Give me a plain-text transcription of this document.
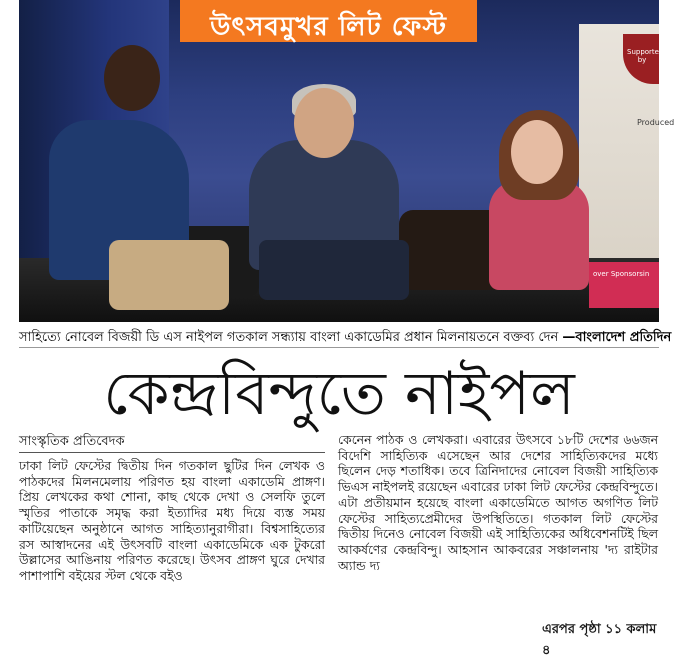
Supported by
Produced
over Sponsorsin
উৎসবমুখর লিট ফেস্ট
সাহিত্যে নোবেল বিজয়ী ডি এস নাইপল গতকাল সন্ধ্যায় বাংলা একাডেমির প্রধান মিলনায়তনে বক্তব্য দেন —বাংলাদেশ প্রতিদিন
কেন্দ্রবিন্দুতে নাইপল
সাংস্কৃতিক প্রতিবেদক

ঢাকা লিট ফেস্টের দ্বিতীয় দিন গতকাল ছুটির দিন লেখক ও পাঠকদের মিলনমেলায় পরিণত হয় বাংলা একাডেমি প্রাঙ্গণ। প্রিয় লেখকের কথা শোনা, কাছ থেকে দেখা ও সেলফি তুলে স্মৃতির পাতাকে সমৃদ্ধ করা ইত্যাদির মধ্য দিয়ে ব্যস্ত সময় কাটিয়েছেন অনুষ্ঠানে আগত সাহিত্যানুরাগীরা। বিশ্বসাহিত্যের রস আস্বাদনের এই উৎসবটি বাংলা একাডেমিকে এক টুকরো উল্লাসের আঙিনায় পরিণত করেছে। উৎসব প্রাঙ্গণ ঘুরে দেখার পাশাপাশি বইয়ের স্টল থেকে বইও

কেনেন পাঠক ও লেখকরা। এবারের উৎসবে ১৮টি দেশের ৬৬জন বিদেশি সাহিত্যিক এসেছেন আর দেশের সাহিত্যিকদের মধ্যে ছিলেন দেড় শতাধিক। তবে ত্রিনিদাদের নোবেল বিজয়ী সাহিত্যিক ভিএস নাইপলই রয়েছেন এবারের ঢাকা লিট ফেস্টের কেন্দ্রবিন্দুতে। এটা প্রতীয়মান হয়েছে বাংলা একাডেমিতে আগত অগণিত লিট ফেস্টের সাহিত্যপ্রেমীদের উপস্থিতিতে। গতকাল লিট ফেস্টের দ্বিতীয় দিনেও নোবেল বিজয়ী এই সাহিত্যিকের অধিবেশনটিই ছিল আকর্ষণের কেন্দ্রবিন্দু। আহসান আকবরের সঞ্চালনায় 'দ্য রাইটার অ্যান্ড দ্য

এরপর পৃষ্ঠা ১১ কলাম ৪
